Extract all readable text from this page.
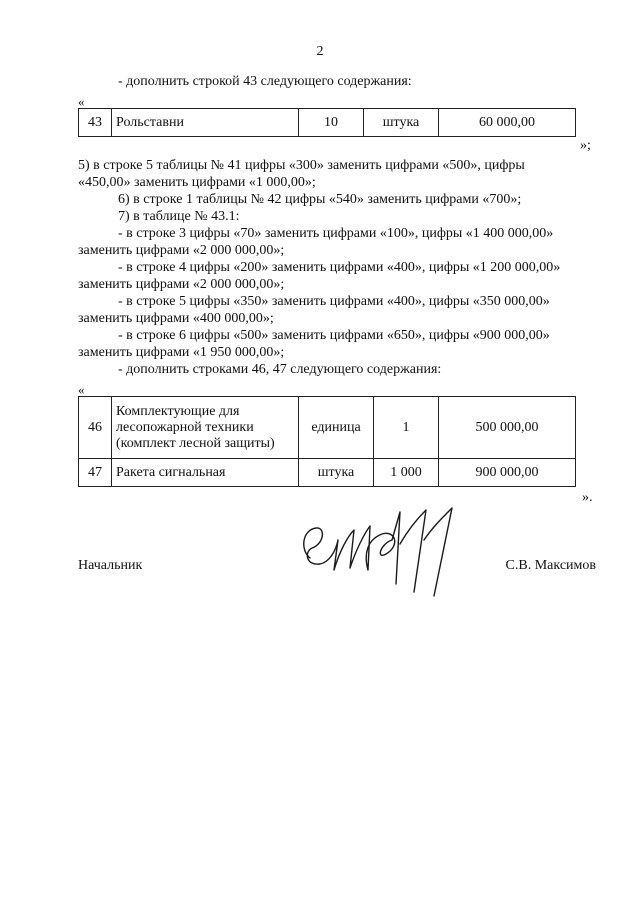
2
- дополнить строкой 43 следующего содержания:
«
43	Рольставни	10	штука	60 000,00
»;
5) в строке 5 таблицы № 41 цифры «300» заменить цифрами «500», цифры
«450,00» заменить цифрами «1 000,00»;
6) в строке 1 таблицы № 42 цифры «540» заменить цифрами «700»;
7) в таблице № 43.1:
- в строке 3 цифры «70» заменить цифрами «100», цифры «1 400 000,00»
заменить цифрами «2 000 000,00»;
- в строке 4 цифры «200» заменить цифрами «400», цифры «1 200 000,00»
заменить цифрами «2 000 000,00»;
- в строке 5 цифры «350» заменить цифрами «400», цифры «350 000,00»
заменить цифрами «400 000,00»;
- в строке 6 цифры «500» заменить цифрами «650», цифры «900 000,00»
заменить цифрами «1 950 000,00»;
- дополнить строками 46, 47 следующего содержания:
«
46	Комплектующие для
лесопожарной техники
(комплект лесной защиты)	единица	1	500 000,00
47	Ракета сигнальная	штука	1 000	900 000,00
».
Начальник	С.В. Максимов
